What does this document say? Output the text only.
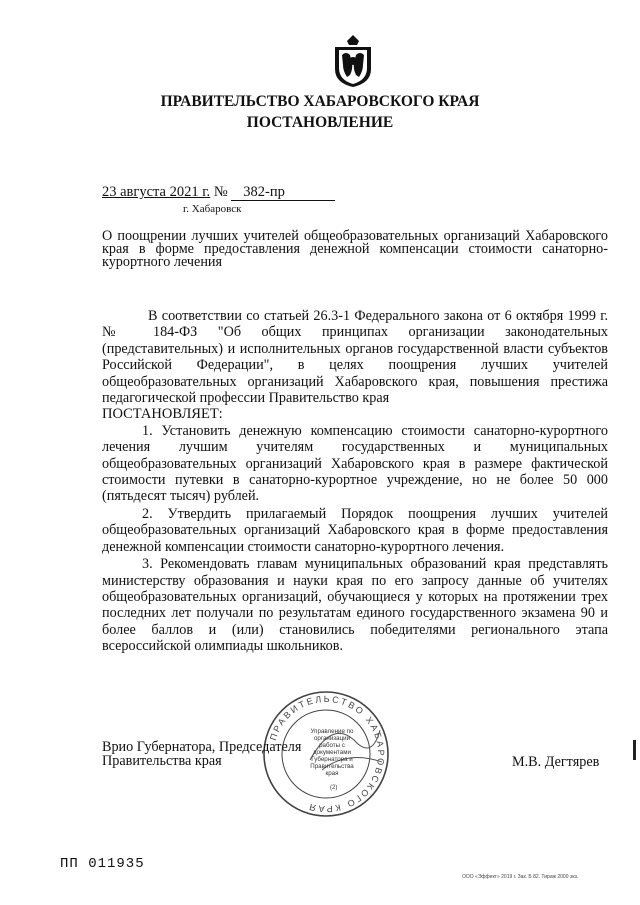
ПРАВИТЕЛЬСТВО ХАБАРОВСКОГО КРАЯ
ПОСТАНОВЛЕНИЕ
23 августа 2021 г. № 382-пр
г. Хабаровск
О поощрении лучших учителей общеобразовательных организаций Хабаровского края в форме предоставления денежной компенсации стоимости санаторно-курортного лечения

В соответствии со статьей 26.3-1 Федерального закона от 6 октября 1999 г. № 184-ФЗ "Об общих принципах организации законодательных (представительных) и исполнительных органов государственной власти субъектов Российской Федерации", в целях поощрения лучших учителей общеобразовательных организаций Хабаровского края, повышения престижа педагогической профессии Правительство края

ПОСТАНОВЛЯЕТ:

1. Установить денежную компенсацию стоимости санаторно-курортного лечения лучшим учителям государственных и муниципальных общеобразовательных организаций Хабаровского края в размере фактической стоимости путевки в санаторно-курортное учреждение, но не более 50 000 (пятьдесят тысяч) рублей.

2. Утвердить прилагаемый Порядок поощрения лучших учителей общеобразовательных организаций Хабаровского края в форме предоставления денежной компенсации стоимости санаторно-курортного лечения.

3. Рекомендовать главам муниципальных образований края представлять министерству образования и науки края по его запросу данные об учителях общеобразовательных организаций, обучающиеся у которых на протяжении трех последних лет получали по результатам единого государственного экзамена 90 и более баллов и (или) становились победителями регионального этапа всероссийской олимпиады школьников.

ПРАВИТЕЛЬСТВО ХАБАРОВСКОГО КРАЯ
Управление по организации работы с документами Губернатора и Правительства края
(2)
Врио Губернатора, Председателя
Правительства края	М.В. Дегтярев
ПП 011935
ООО «Эффект» 2019 г. Зак. Б 82. Тираж 2000 экз.
